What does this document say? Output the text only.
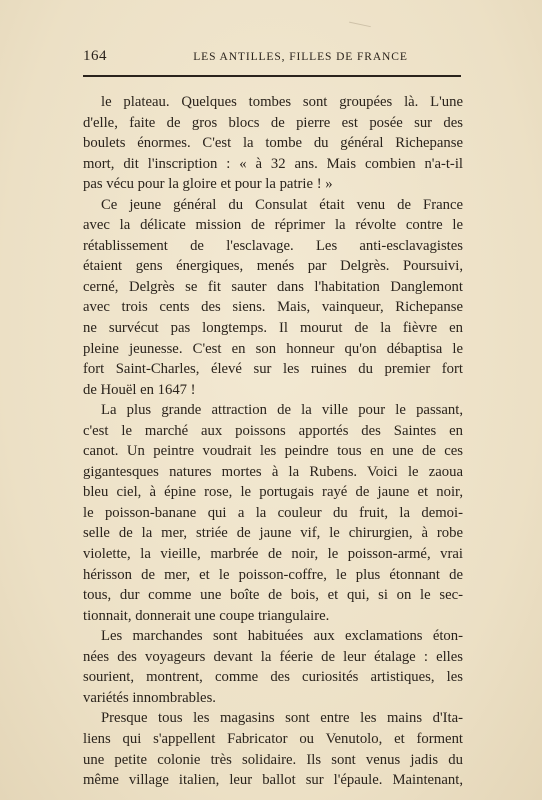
164	LES ANTILLES, FILLES DE FRANCE
le plateau. Quelques tombes sont groupées là. L'une
d'elle, faite de gros blocs de pierre est posée sur des
boulets énormes. C'est la tombe du général Richepanse
mort, dit l'inscription : « à 32 ans. Mais combien n'a-t-il
pas vécu pour la gloire et pour la patrie ! »
Ce jeune général du Consulat était venu de France
avec la délicate mission de réprimer la révolte contre le
rétablissement de l'esclavage. Les anti-esclavagistes
étaient gens énergiques, menés par Delgrès. Poursuivi,
cerné, Delgrès se fit sauter dans l'habitation Danglemont
avec trois cents des siens. Mais, vainqueur, Richepanse
ne survécut pas longtemps. Il mourut de la fièvre en
pleine jeunesse. C'est en son honneur qu'on débaptisa le
fort Saint-Charles, élevé sur les ruines du premier fort
de Houël en 1647 !
La plus grande attraction de la ville pour le passant,
c'est le marché aux poissons apportés des Saintes en
canot. Un peintre voudrait les peindre tous en une de ces
gigantesques natures mortes à la Rubens. Voici le zaoua
bleu ciel, à épine rose, le portugais rayé de jaune et noir,
le poisson-banane qui a la couleur du fruit, la demoi-
selle de la mer, striée de jaune vif, le chirurgien, à robe
violette, la vieille, marbrée de noir, le poisson-armé, vrai
hérisson de mer, et le poisson-coffre, le plus étonnant de
tous, dur comme une boîte de bois, et qui, si on le sec-
tionnait, donnerait une coupe triangulaire.
Les marchandes sont habituées aux exclamations éton-
nées des voyageurs devant la féerie de leur étalage : elles
sourient, montrent, comme des curiosités artistiques, les
variétés innombrables.
Presque tous les magasins sont entre les mains d'Ita-
liens qui s'appellent Fabricator ou Venutolo, et forment
une petite colonie très solidaire. Ils sont venus jadis du
même village italien, leur ballot sur l'épaule. Maintenant,
